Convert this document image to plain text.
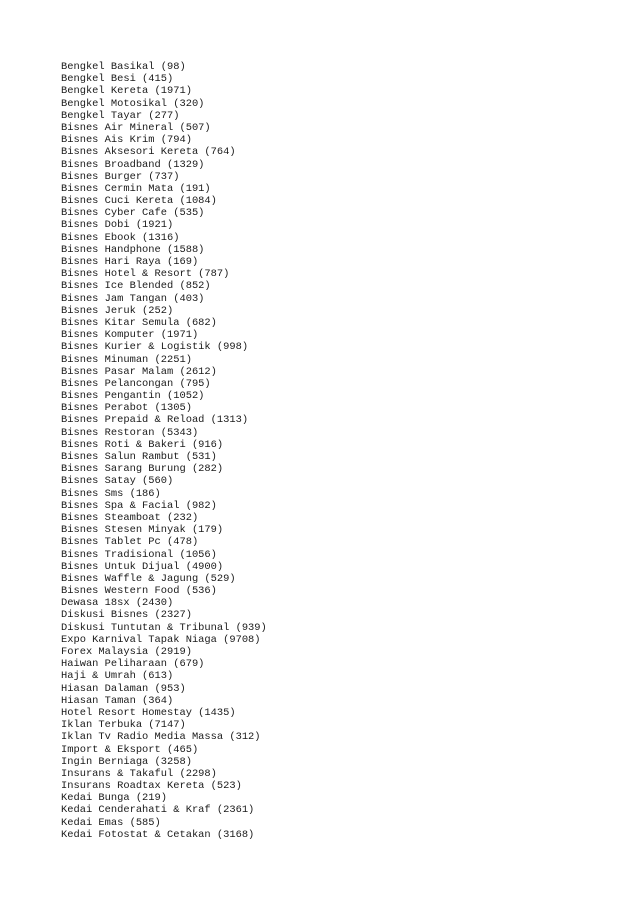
Bengkel Basikal (98)
Bengkel Besi (415)
Bengkel Kereta (1971)
Bengkel Motosikal (320)
Bengkel Tayar (277)
Bisnes Air Mineral (507)
Bisnes Ais Krim (794)
Bisnes Aksesori Kereta (764)
Bisnes Broadband (1329)
Bisnes Burger (737)
Bisnes Cermin Mata (191)
Bisnes Cuci Kereta (1084)
Bisnes Cyber Cafe (535)
Bisnes Dobi (1921)
Bisnes Ebook (1316)
Bisnes Handphone (1588)
Bisnes Hari Raya (169)
Bisnes Hotel & Resort (787)
Bisnes Ice Blended (852)
Bisnes Jam Tangan (403)
Bisnes Jeruk (252)
Bisnes Kitar Semula (682)
Bisnes Komputer (1971)
Bisnes Kurier & Logistik (998)
Bisnes Minuman (2251)
Bisnes Pasar Malam (2612)
Bisnes Pelancongan (795)
Bisnes Pengantin (1052)
Bisnes Perabot (1305)
Bisnes Prepaid & Reload (1313)
Bisnes Restoran (5343)
Bisnes Roti & Bakeri (916)
Bisnes Salun Rambut (531)
Bisnes Sarang Burung (282)
Bisnes Satay (560)
Bisnes Sms (186)
Bisnes Spa & Facial (982)
Bisnes Steamboat (232)
Bisnes Stesen Minyak (179)
Bisnes Tablet Pc (478)
Bisnes Tradisional (1056)
Bisnes Untuk Dijual (4900)
Bisnes Waffle & Jagung (529)
Bisnes Western Food (536)
Dewasa 18sx (2430)
Diskusi Bisnes (2327)
Diskusi Tuntutan & Tribunal (939)
Expo Karnival Tapak Niaga (9708)
Forex Malaysia (2919)
Haiwan Peliharaan (679)
Haji & Umrah (613)
Hiasan Dalaman (953)
Hiasan Taman (364)
Hotel Resort Homestay (1435)
Iklan Terbuka (7147)
Iklan Tv Radio Media Massa (312)
Import & Eksport (465)
Ingin Berniaga (3258)
Insurans & Takaful (2298)
Insurans Roadtax Kereta (523)
Kedai Bunga (219)
Kedai Cenderahati & Kraf (2361)
Kedai Emas (585)
Kedai Fotostat & Cetakan (3168)
